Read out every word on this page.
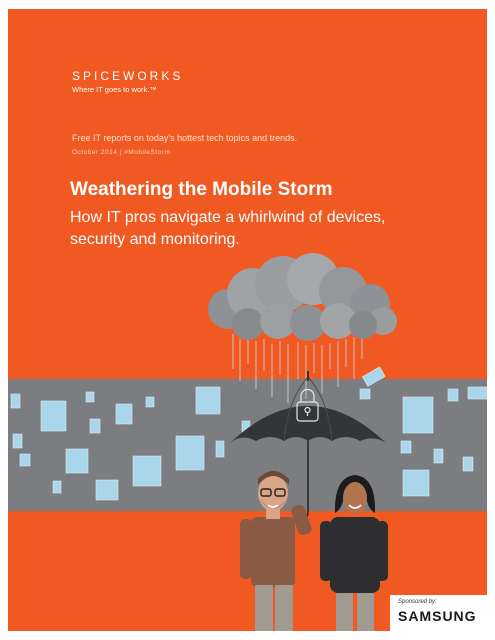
SPICEWORKS
Where IT goes to work.™
Free IT reports on today's hottest tech topics and trends.
October 2014 | #MobileStorm
Weathering the Mobile Storm
How IT pros navigate a whirlwind of devices, security and monitoring.
Sponsored by:
SAMSUNG
